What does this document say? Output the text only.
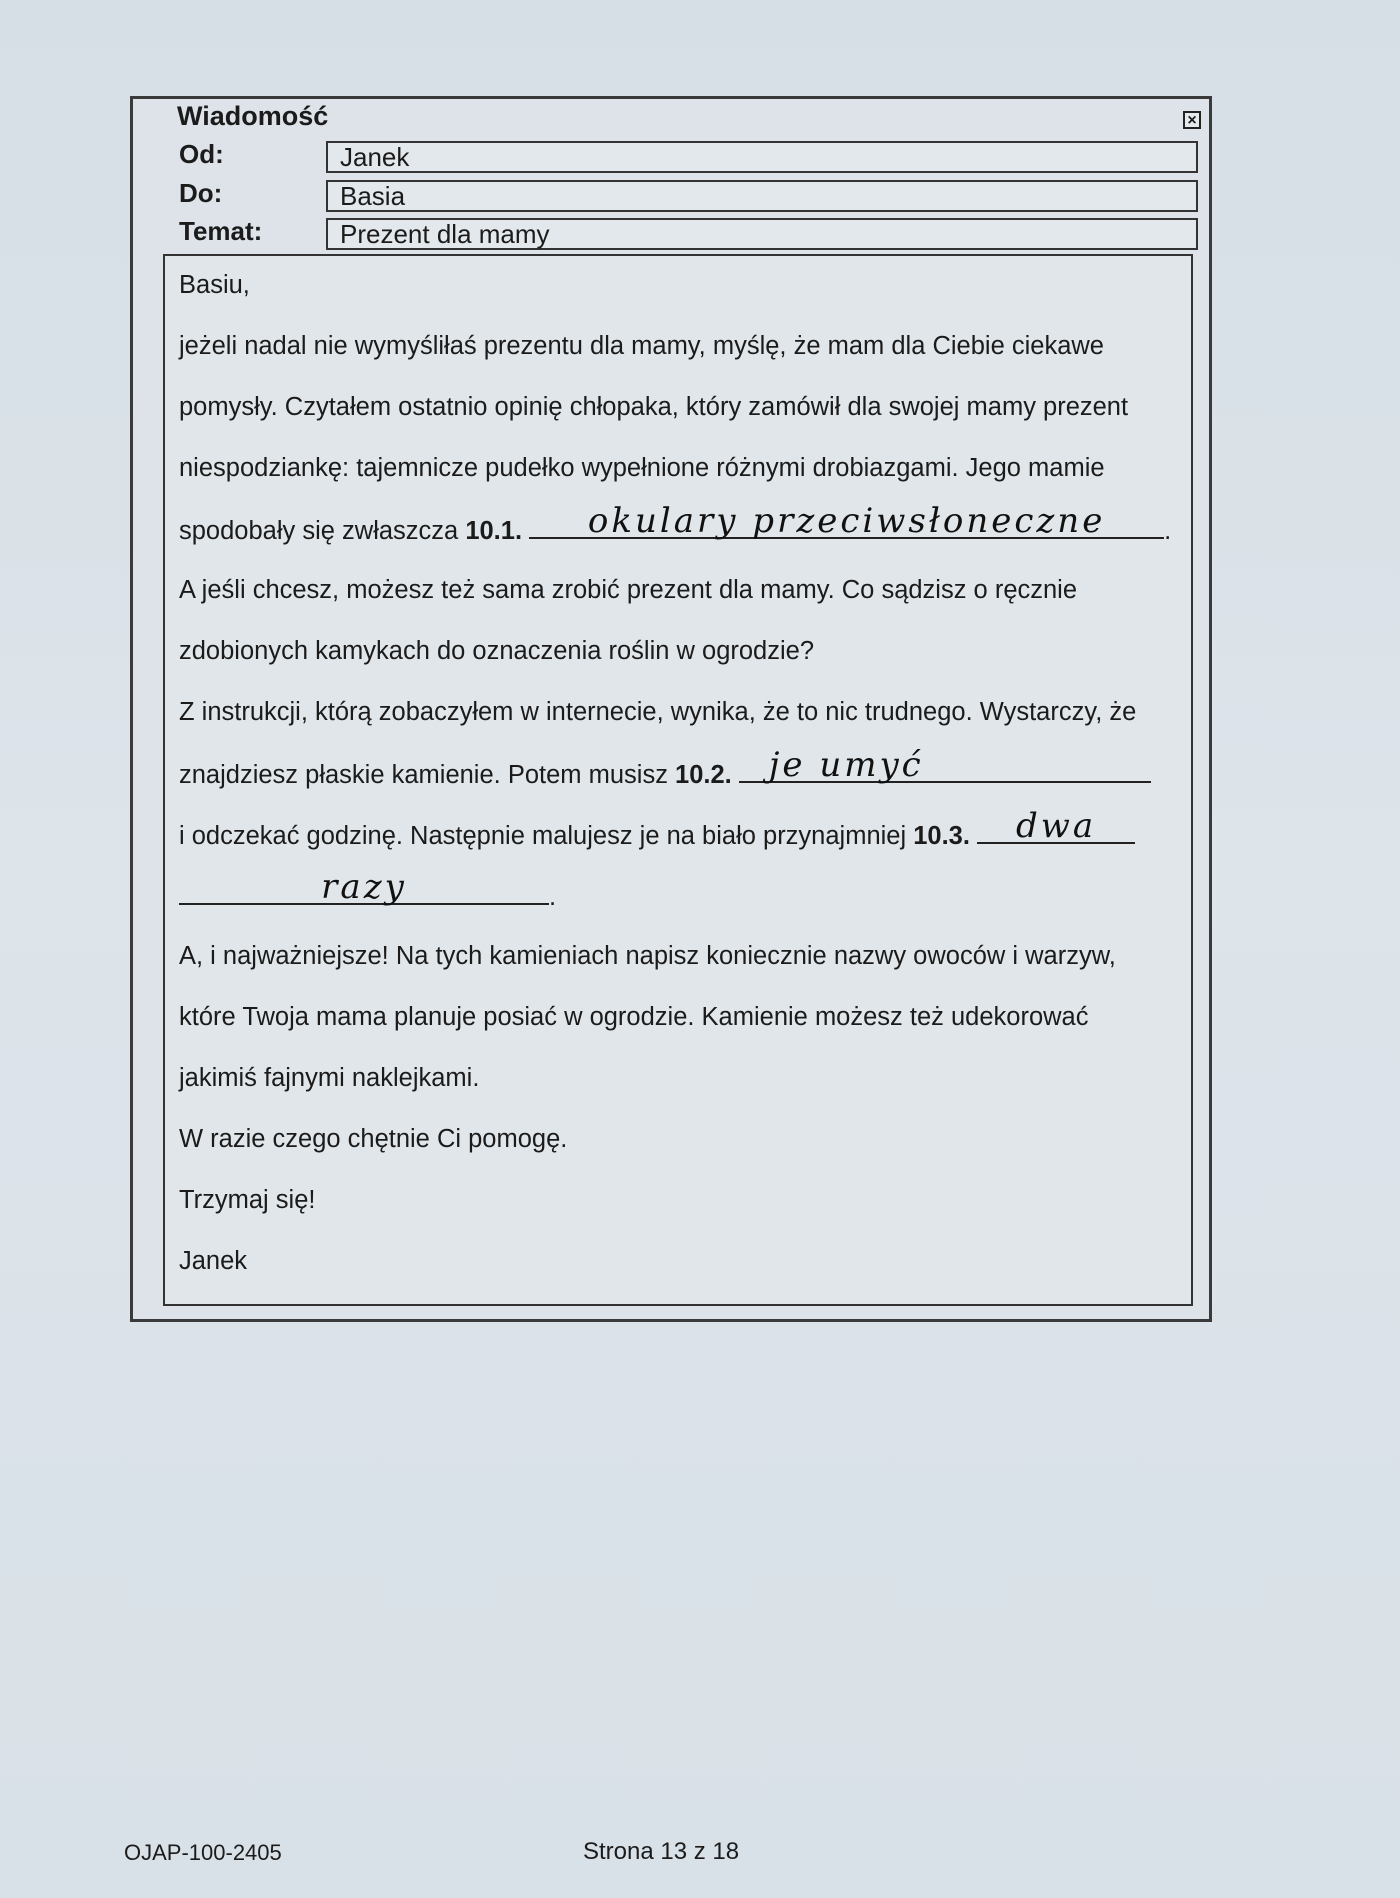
Wiadomość	×
Od:	Janek
Do:	Basia
Temat:	Prezent dla mamy
Basiu,
jeżeli nadal nie wymyśliłaś prezentu dla mamy, myślę, że mam dla Ciebie ciekawe
pomysły. Czytałem ostatnio opinię chłopaka, który zamówił dla swojej mamy prezent
niespodziankę: tajemnicze pudełko wypełnione różnymi drobiazgami. Jego mamie
spodobały się zwłaszcza 10.1.	okulary przeciwsłoneczne	.
A jeśli chcesz, możesz też sama zrobić prezent dla mamy. Co sądzisz o ręcznie
zdobionych kamykach do oznaczenia roślin w ogrodzie?
Z instrukcji, którą zobaczyłem w internecie, wynika, że to nic trudnego. Wystarczy, że
znajdziesz płaskie kamienie. Potem musisz 10.2. je umyć
i odczekać godzinę. Następnie malujesz je na biało przynajmniej 10.3.	dwa
razy	.
A, i najważniejsze! Na tych kamieniach napisz koniecznie nazwy owoców i warzyw,
które Twoja mama planuje posiać w ogrodzie. Kamienie możesz też udekorować
jakimiś fajnymi naklejkami.
W razie czego chętnie Ci pomogę.
Trzymaj się!
Janek
OJAP-100-2405	Strona 13 z 18
